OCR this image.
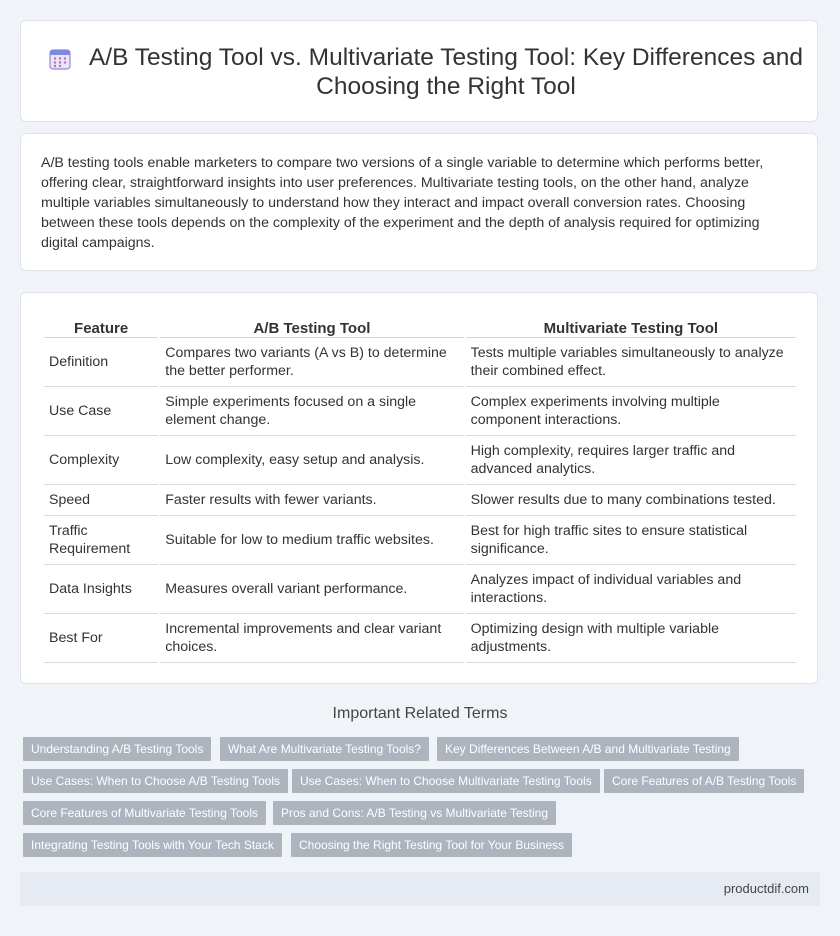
A/B Testing Tool vs. Multivariate Testing Tool: Key Differences and Choosing the Right Tool

A/B testing tools enable marketers to compare two versions of a single variable to determine which performs better, offering clear, straightforward insights into user preferences. Multivariate testing tools, on the other hand, analyze multiple variables simultaneously to understand how they interact and impact overall conversion rates. Choosing between these tools depends on the complexity of the experiment and the depth of analysis required for optimizing digital campaigns.

Feature	A/B Testing Tool	Multivariate Testing Tool
Definition	Compares two variants (A vs B) to determine the better performer.	Tests multiple variables simultaneously to analyze their combined effect.
Use Case	Simple experiments focused on a single element change.	Complex experiments involving multiple component interactions.
Complexity	Low complexity, easy setup and analysis.	High complexity, requires larger traffic and advanced analytics.
Speed	Faster results with fewer variants.	Slower results due to many combinations tested.
Traffic Requirement	Suitable for low to medium traffic websites.	Best for high traffic sites to ensure statistical significance.
Data Insights	Measures overall variant performance.	Analyzes impact of individual variables and interactions.
Best For	Incremental improvements and clear variant choices.	Optimizing design with multiple variable adjustments.
Important Related Terms
Understanding A/B Testing Tools	What Are Multivariate Testing Tools?	Key Differences Between A/B and Multivariate Testing
Use Cases: When to Choose A/B Testing Tools	Use Cases: When to Choose Multivariate Testing Tools	Core Features of A/B Testing Tools
Core Features of Multivariate Testing Tools	Pros and Cons: A/B Testing vs Multivariate Testing
Integrating Testing Tools with Your Tech Stack	Choosing the Right Testing Tool for Your Business
productdif.com
